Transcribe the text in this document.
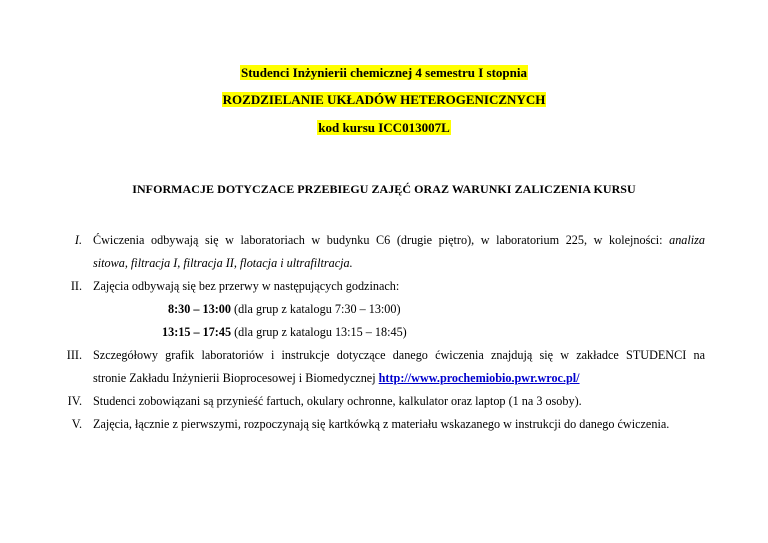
Studenci Inżynierii chemicznej 4 semestru I stopnia
ROZDZIELANIE UKŁADÓW HETEROGENICZNYCH
kod kursu ICC013007L
INFORMACJE DOTYCZACE PRZEBIEGU ZAJĘĆ ORAZ WARUNKI ZALICZENIA KURSU
I. Ćwiczenia odbywają się w laboratoriach w budynku C6 (drugie piętro), w laboratorium 225, w kolejności: analiza
sitowa, filtracja I, filtracja II, flotacja i ultrafiltracja.
II. Zajęcia odbywają się bez przerwy w następujących godzinach:
8:30 – 13:00 (dla grup z katalogu 7:30 – 13:00)
13:15 – 17:45 (dla grup z katalogu 13:15 – 18:45)
III. Szczegółowy grafik laboratoriów i instrukcje dotyczące danego ćwiczenia znajdują się w zakładce STUDENCI na
stronie Zakładu Inżynierii Bioprocesowej i Biomedycznej http://www.prochemiobio.pwr.wroc.pl/
IV. Studenci zobowiązani są przynieść fartuch, okulary ochronne, kalkulator oraz laptop (1 na 3 osoby).
V. Zajęcia, łącznie z pierwszymi, rozpoczynają się kartkówką z materiału wskazanego w instrukcji do danego ćwiczenia.
